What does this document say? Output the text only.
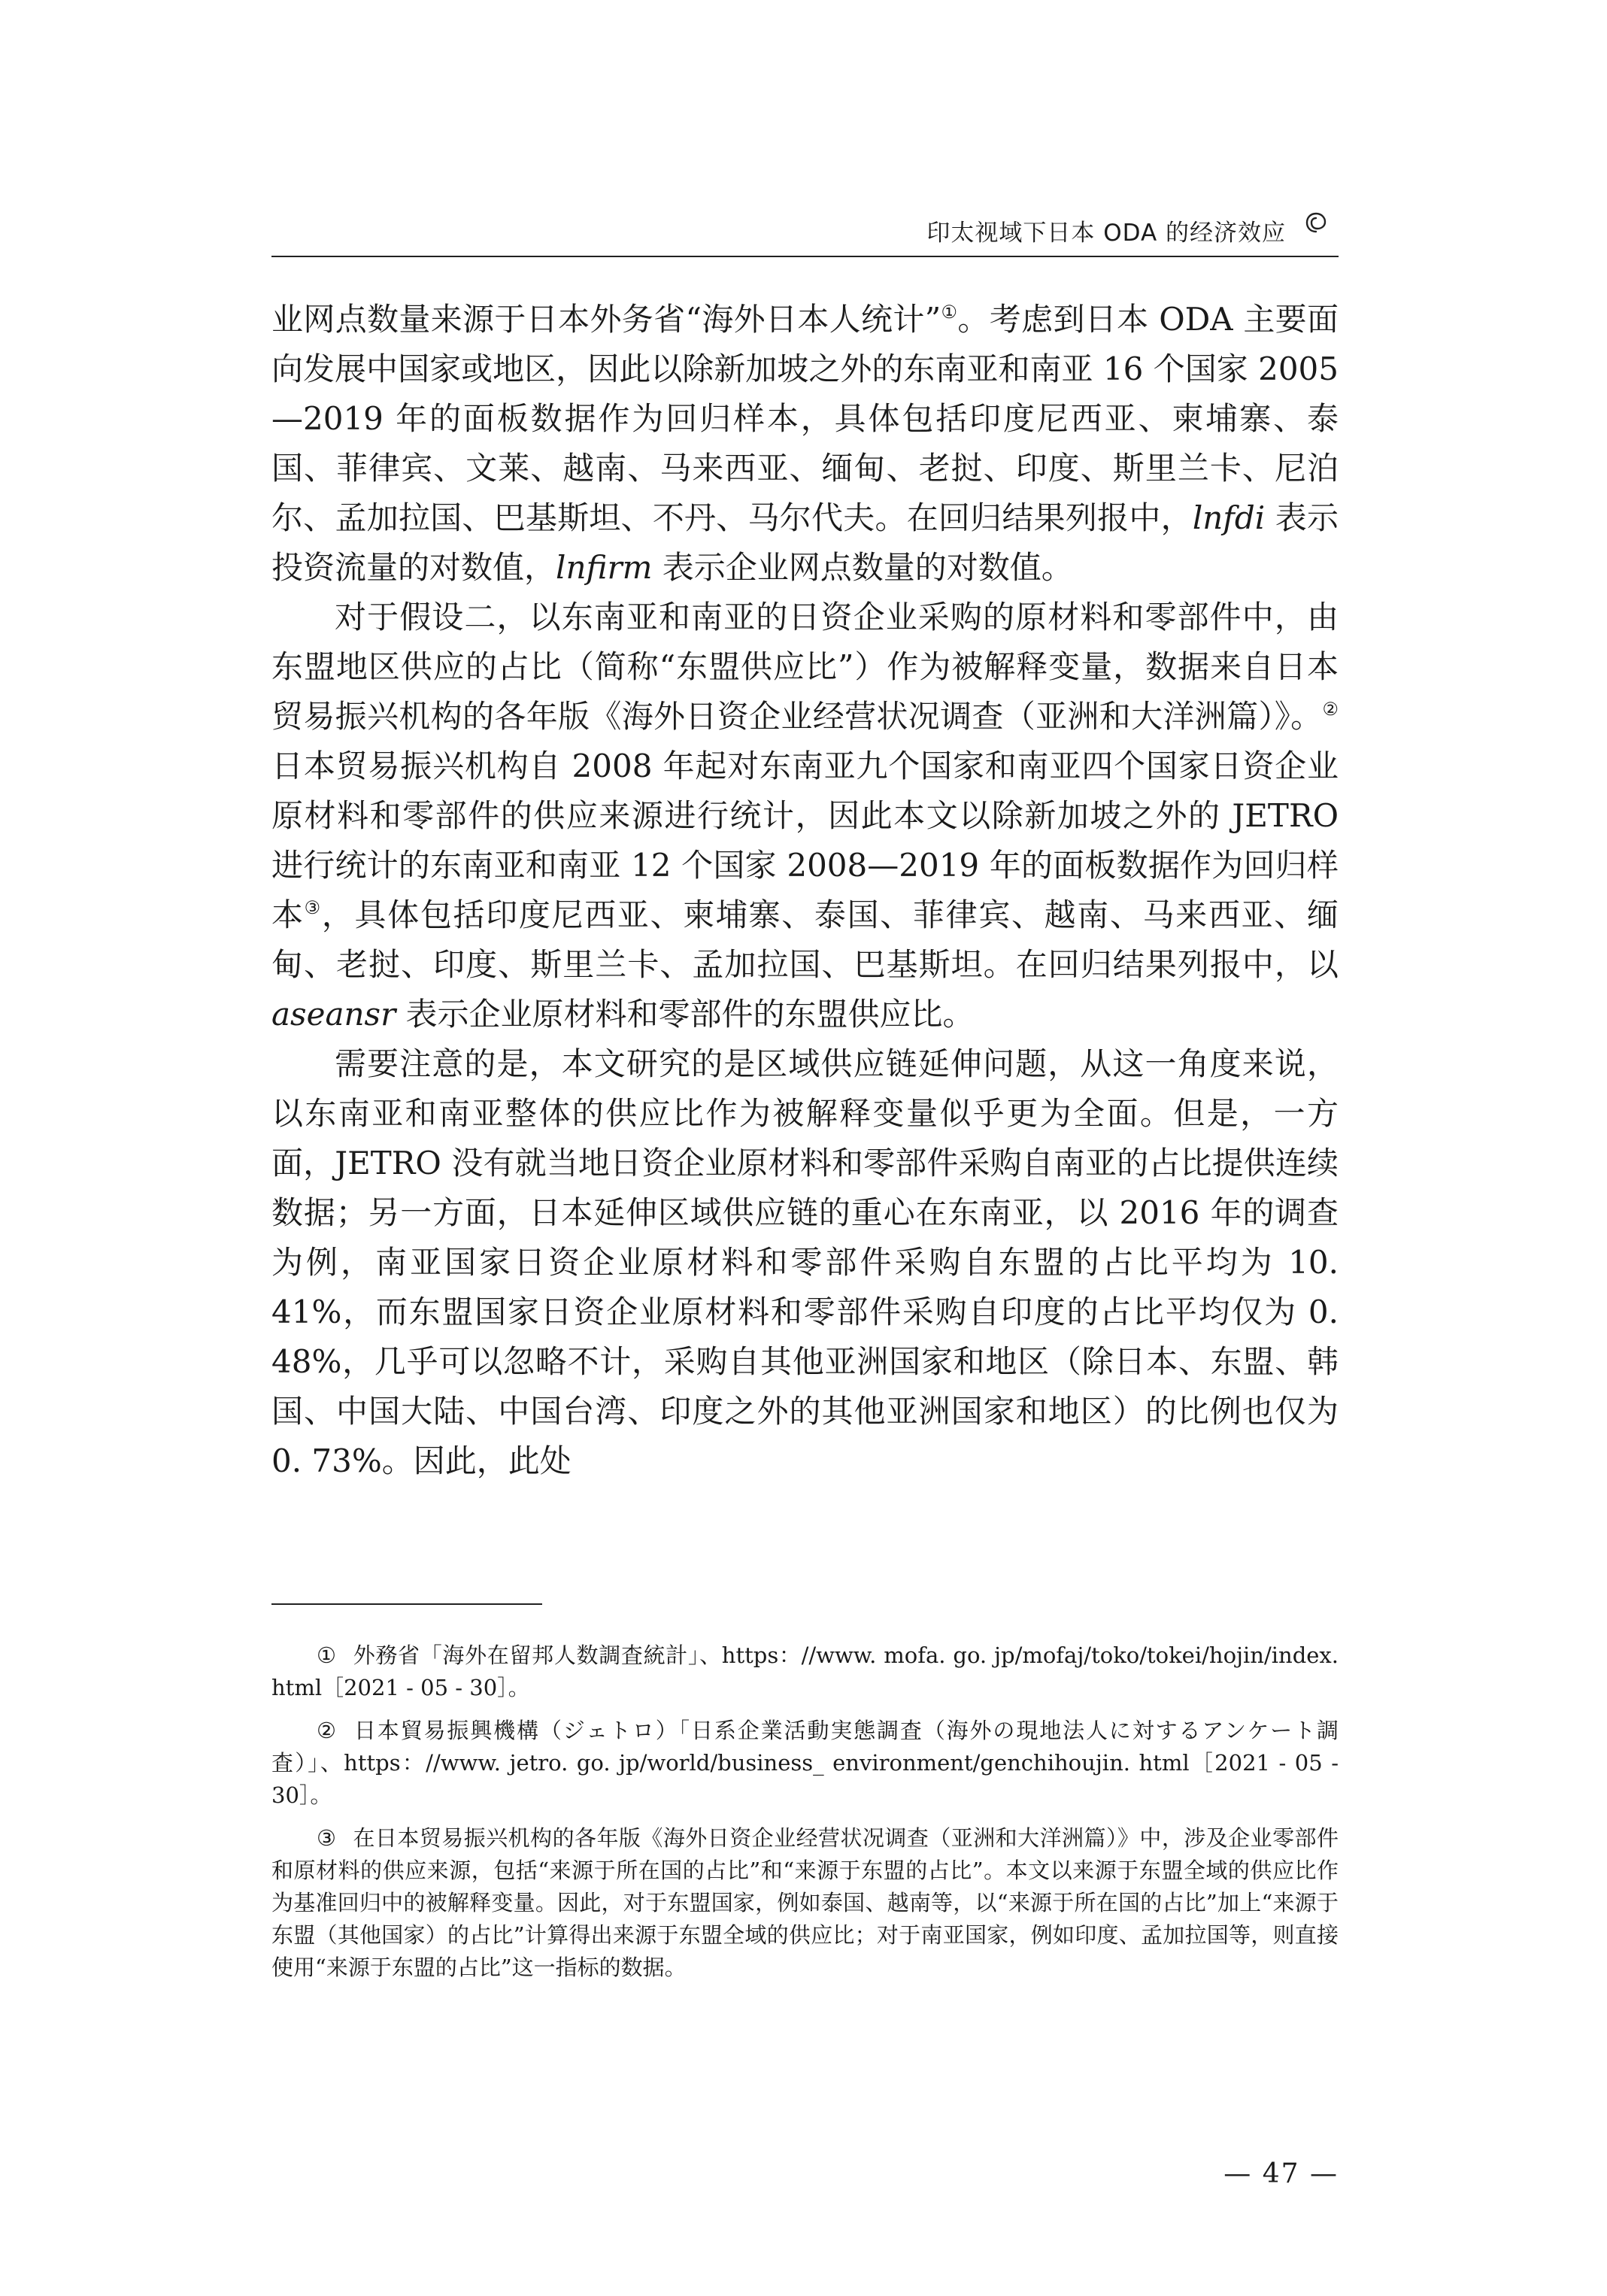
印太视域下日本 ODA 的经济效应

业网点数量来源于日本外务省“海外日本人统计”①。考虑到日本 ODA 主要面向发展中国家或地区，因此以除新加坡之外的东南亚和南亚 16 个国家 2005—2019 年的面板数据作为回归样本，具体包括印度尼西亚、柬埔寨、泰国、菲律宾、文莱、越南、马来西亚、缅甸、老挝、印度、斯里兰卡、尼泊尔、孟加拉国、巴基斯坦、不丹、马尔代夫。在回归结果列报中，lnfdi 表示投资流量的对数值，lnfirm 表示企业网点数量的对数值。

对于假设二，以东南亚和南亚的日资企业采购的原材料和零部件中，由东盟地区供应的占比（简称“东盟供应比”）作为被解释变量，数据来自日本贸易振兴机构的各年版《海外日资企业经营状况调查（亚洲和大洋洲篇）》。② 日本贸易振兴机构自 2008 年起对东南亚九个国家和南亚四个国家日资企业原材料和零部件的供应来源进行统计，因此本文以除新加坡之外的 JETRO 进行统计的东南亚和南亚 12 个国家 2008—2019 年的面板数据作为回归样本③，具体包括印度尼西亚、柬埔寨、泰国、菲律宾、越南、马来西亚、缅甸、老挝、印度、斯里兰卡、孟加拉国、巴基斯坦。在回归结果列报中，以 aseansr 表示企业原材料和零部件的东盟供应比。

需要注意的是，本文研究的是区域供应链延伸问题，从这一角度来说，以东南亚和南亚整体的供应比作为被解释变量似乎更为全面。但是，一方面，JETRO 没有就当地日资企业原材料和零部件采购自南亚的占比提供连续数据；另一方面，日本延伸区域供应链的重心在东南亚，以 2016 年的调查为例，南亚国家日资企业原材料和零部件采购自东盟的占比平均为 10. 41%，而东盟国家日资企业原材料和零部件采购自印度的占比平均仅为 0. 48%，几乎可以忽略不计，采购自其他亚洲国家和地区（除日本、东盟、韩国、中国大陆、中国台湾、印度之外的其他亚洲国家和地区）的比例也仅为 0. 73%。因此，此处

① 外務省「海外在留邦人数調査統計」、https：//www. mofa. go. jp/mofaj/toko/tokei/hojin/index. html［2021 - 05 - 30］。

② 日本貿易振興機構（ジェトロ）「日系企業活動実態調査（海外の現地法人に対するアンケート調査）」、https：//www. jetro. go. jp/world/business_ environment/genchihoujin. html［2021 - 05 - 30］。

③ 在日本贸易振兴机构的各年版《海外日资企业经营状况调查（亚洲和大洋洲篇）》中，涉及企业零部件和原材料的供应来源，包括“来源于所在国的占比”和“来源于东盟的占比”。本文以来源于东盟全域的供应比作为基准回归中的被解释变量。因此，对于东盟国家，例如泰国、越南等，以“来源于所在国的占比”加上“来源于东盟（其他国家）的占比”计算得出来源于东盟全域的供应比；对于南亚国家，例如印度、孟加拉国等，则直接使用“来源于东盟的占比”这一指标的数据。

— 47 —
